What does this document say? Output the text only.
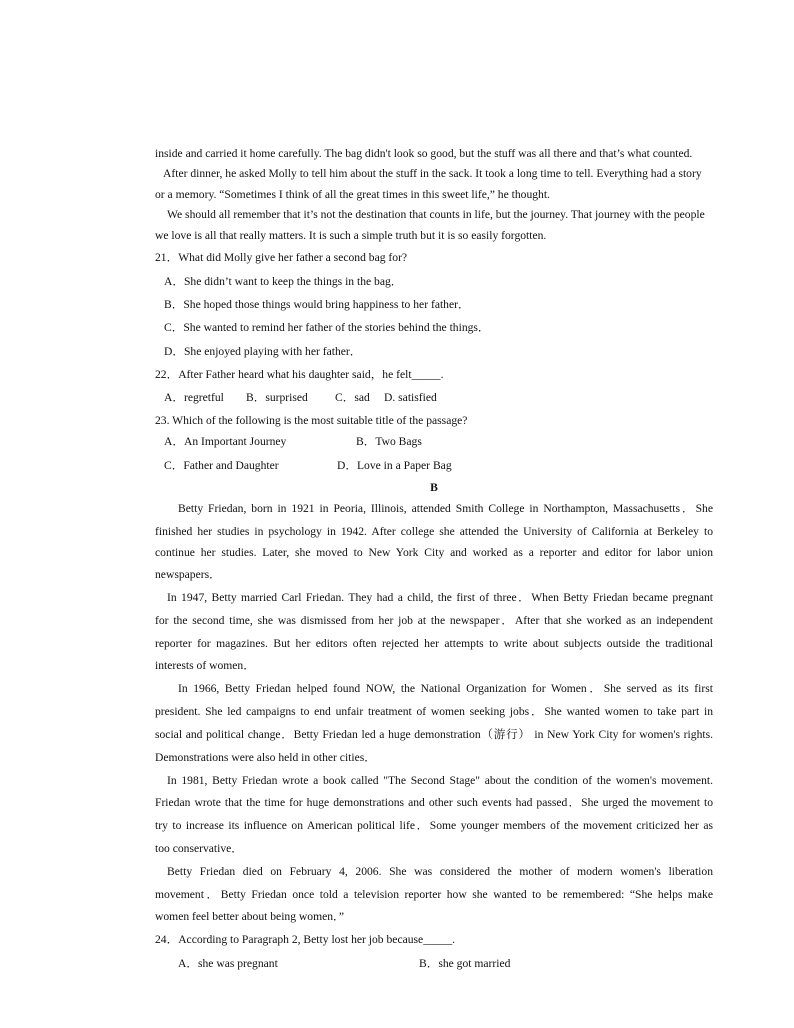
inside and carried it home carefully. The bag didn't look so good, but the stuff was all there and that’s what counted.
After dinner, he asked Molly to tell him about the stuff in the sack. It took a long time to tell. Everything had a story
or a memory. “Sometimes I think of all the great times in this sweet life,” he thought.
We should all remember that it’s not the destination that counts in life, but the journey. That journey with the people
we love is all that really matters. It is such a simple truth but it is so easily forgotten.
21．What did Molly give her father a second bag for?
A．She didn’t want to keep the things in the bag．
B．She hoped those things would bring happiness to her father．
C．She wanted to remind her father of the stories behind the things．
D．She enjoyed playing with her father．
22．After Father heard what his daughter said，he felt_____.
A．regretful B．surprised C．sad D. satisfied
23. Which of the following is the most suitable title of the passage?
A．An Important Journey	B．Two Bags
C．Father and Daughter	D．Love in a Paper Bag
B
Betty Friedan, born in 1921 in Peoria, Illinois, attended Smith College in Northampton, Massachusetts．She
finished her studies in psychology in 1942. After college she attended the University of California at Berkeley to
continue her studies. Later, she moved to New York City and worked as a reporter and editor for labor union
newspapers．
In 1947, Betty married Carl Friedan. They had a child, the first of three．When Betty Friedan became pregnant
for the second time, she was dismissed from her job at the newspaper．After that she worked as an independent
reporter for magazines. But her editors often rejected her attempts to write about subjects outside the traditional
interests of women．
In 1966, Betty Friedan helped found NOW, the National Organization for Women．She served as its first
president. She led campaigns to end unfair treatment of women seeking jobs．She wanted women to take part in
social and political change．Betty Friedan led a huge demonstration（游行） in New York City for women's rights.
Demonstrations were also held in other cities．
In 1981, Betty Friedan wrote a book called "The Second Stage" about the condition of the women's movement.
Friedan wrote that the time for huge demonstrations and other such events had passed．She urged the movement to
try to increase its influence on American political life．Some younger members of the movement criticized her as
too conservative．
Betty Friedan died on February 4, 2006. She was considered the mother of modern women's liberation
movement．Betty Friedan once told a television reporter how she wanted to be remembered: “She helps make
women feel better about being women．”
24．According to Paragraph 2, Betty lost her job because_____.
A．she was pregnant	B．she got married
